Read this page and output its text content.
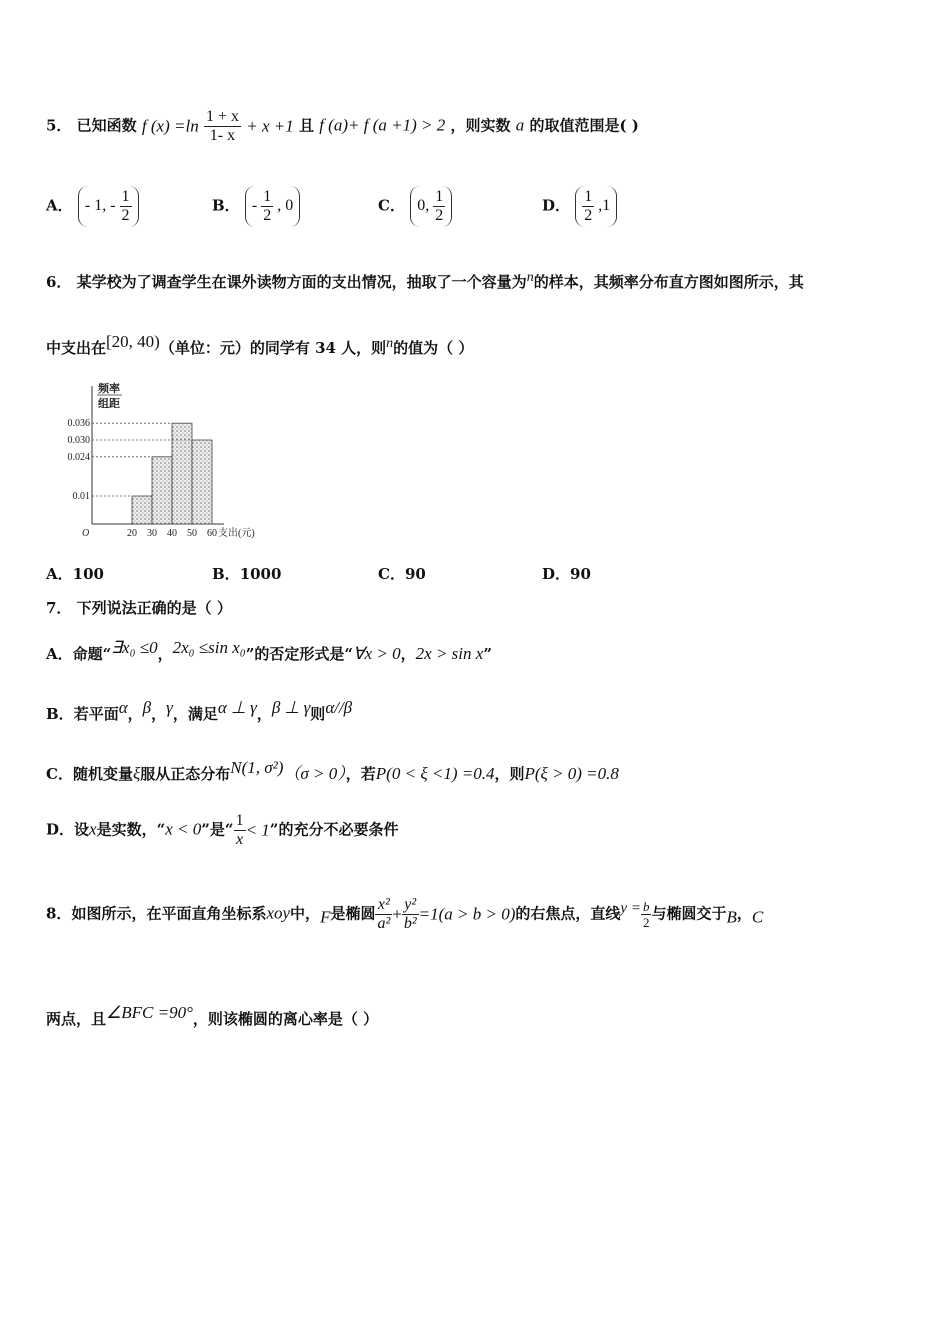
5． 已知函数 f $(x) =\ln \frac{1 + x}{1- x} + x +1$ 且 f (a)+ f (a +1) > 2 ，则实数 a 的取值范围是( )
A． - 1, - $\frac{1}{2}$	B． - $\frac{1}{2}$ , 0	C． 0, $\frac{1}{2}$	D． $\frac{1}{2} ,1$
6． 某学校为了调查学生在课外读物方面的支出情况，抽取了一个容量为n的样本，其频率分布直方图如图所示，其
中支出在[20, 40)（单位：元）的同学有 34 人，则n的值为（ ）
0.036
0.030
0.024
0.01
20 30 40 50 60
O	支出(元)
频率
组距
A．100	B．1000	C．90	D．90
7． 下列说法正确的是（ ）
A．命题“∃x₀ ≤0，2x₀ ≤sin x₀”的否定形式是“∀x > 0，2x > sin x”
B．若平面α，β，γ，满足α ⊥ γ，β ⊥ γ则α//β
C．随机变量ξ服从正态分布N(1, σ²)（σ > 0），若P(0 < ξ <1) =0.4，则P(ξ > 0) =0.8
D．设x是实数，“x < 0”是“ $\frac{1}{x} < 1$”的充分不必要条件
8．如图所示，在平面直角坐标系xoy中，F是椭圆 $\frac{\text{x²}}{\text{a²}} + \frac{\text{y²}}{\text{b²}} =1(a > b > 0)$的右焦点，直线$y = \frac{b}{2}$ 与椭圆交于B，C
两点，且∠BFC =90°，则该椭圆的离心率是（ ）
